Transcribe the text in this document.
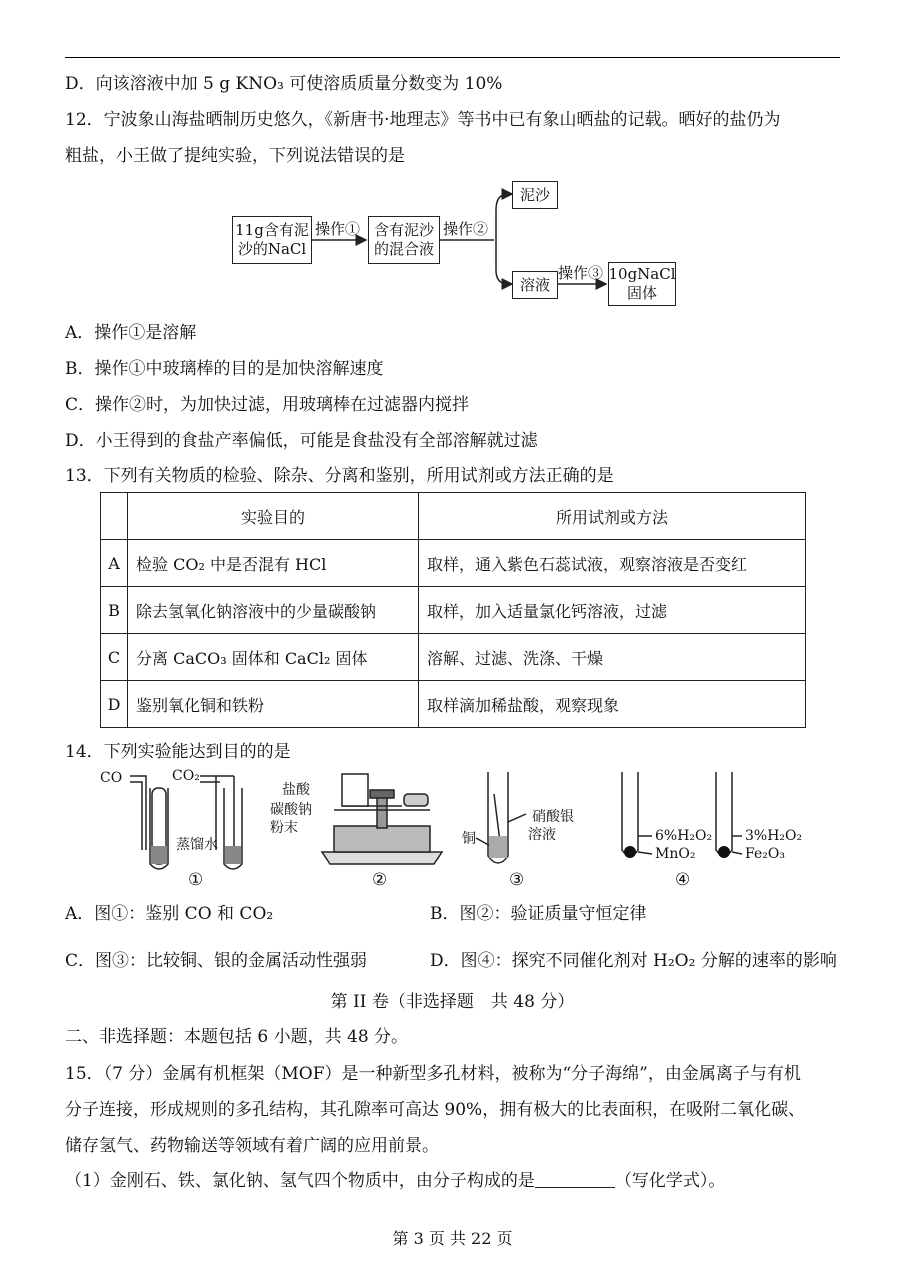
D．向该溶液中加 5 g KNO₃ 可使溶质质量分数变为 10%
12．宁波象山海盐晒制历史悠久，《新唐书·地理志》等书中已有象山晒盐的记载。晒好的盐仍为
粗盐，小王做了提纯实验，下列说法错误的是
11g含有泥沙的NaCl
操作① 含有泥沙的混合液
操作②
泥沙
溶液
操作③ 10gNaCl固体
A．操作①是溶解
B．操作①中玻璃棒的目的是加快溶解速度
C．操作②时，为加快过滤，用玻璃棒在过滤器内搅拌
D．小王得到的食盐产率偏低，可能是食盐没有全部溶解就过滤
13．下列有关物质的检验、除杂、分离和鉴别，所用试剂或方法正确的是
	实验目的	所用试剂或方法
A	检验 CO₂ 中是否混有 HCl	取样，通入紫色石蕊试液，观察溶液是否变红
B	除去氢氧化钠溶液中的少量碳酸钠	取样，加入适量氯化钙溶液，过滤
C	分离 CaCO₃ 固体和 CaCl₂ 固体	溶解、过滤、洗涤、干燥
D	鉴别氧化铜和铁粉	取样滴加稀盐酸，观察现象
14．下列实验能达到目的的是
CO	CO₂
蒸馏水
①
盐酸
碳酸钠
粉末
②
硝酸银
溶液
铜
③
6%H₂O₂
MnO₂
3%H₂O₂
Fe₂O₃
④
A．图①：鉴别 CO 和 CO₂	B．图②：验证质量守恒定律
C．图③：比较铜、银的金属活动性强弱	D．图④：探究不同催化剂对 H₂O₂ 分解的速率的影响
第 II 卷（非选择题　共 48 分）
二、非选择题：本题包括 6 小题，共 48 分。
15．（7 分）金属有机框架（MOF）是一种新型多孔材料，被称为“分子海绵”，由金属离子与有机
分子连接，形成规则的多孔结构，其孔隙率可高达 90%，拥有极大的比表面积，在吸附二氧化碳、
储存氢气、药物输送等领域有着广阔的应用前景。
（1）金刚石、铁、氯化钠、氢气四个物质中，由分子构成的是	（写化学式）。
第 3 页 共 22 页
